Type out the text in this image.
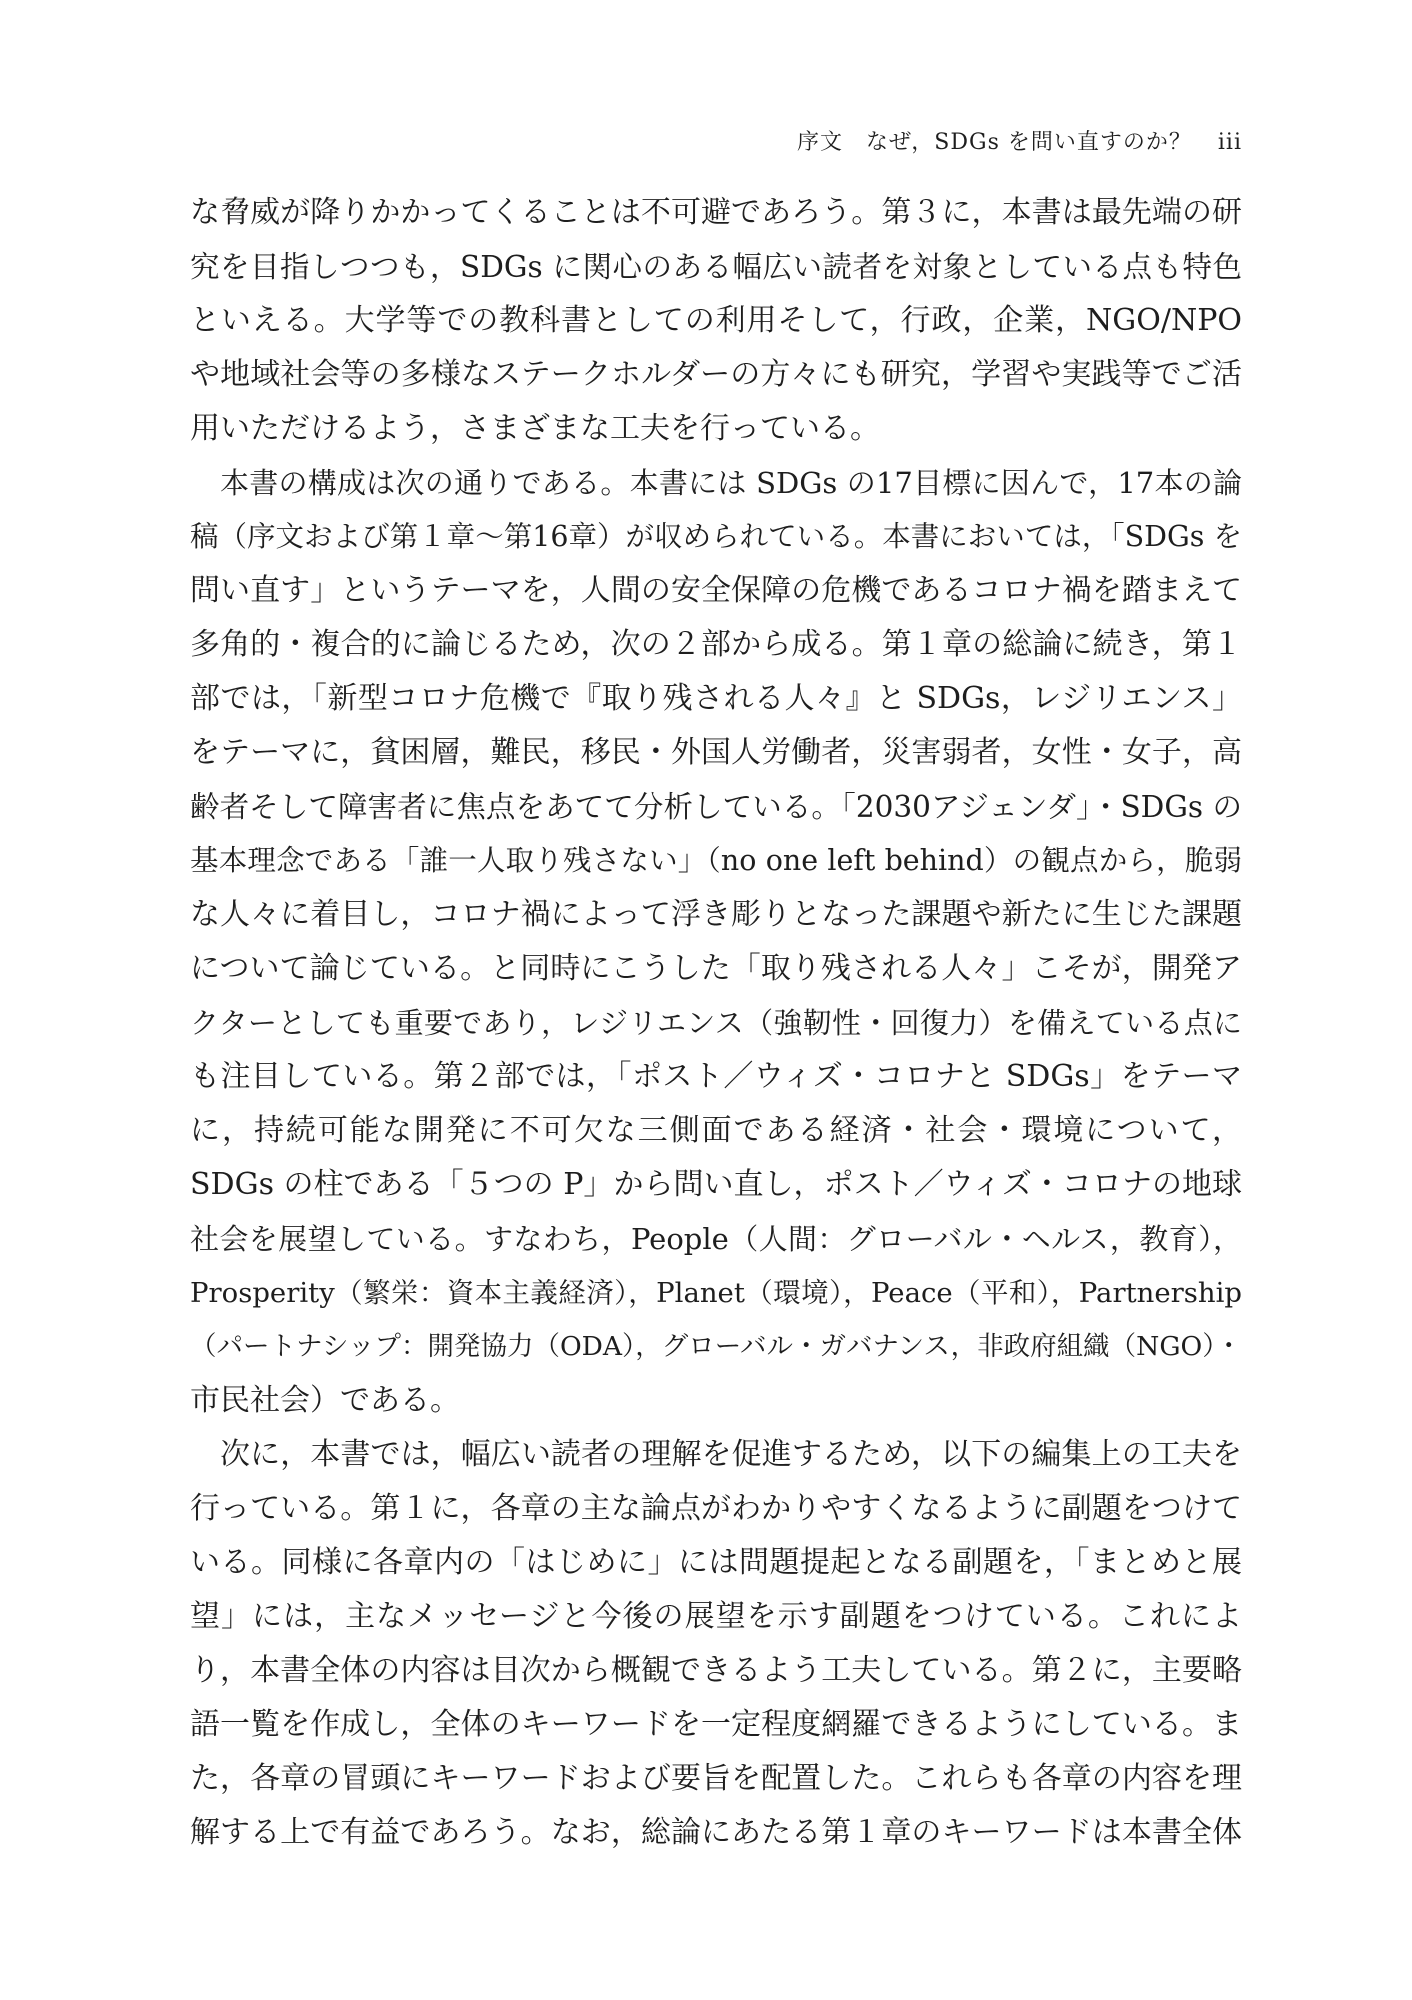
序文　なぜ，SDGs を問い直すのか？ iii
な脅威が降りかかってくることは不可避であろう。第３に，本書は最先端の研
究を目指しつつも，SDGs に関心のある幅広い読者を対象としている点も特色
といえる。大学等での教科書としての利用そして，行政，企業，NGO/NPO
や地域社会等の多様なステークホルダーの方々にも研究，学習や実践等でご活
用いただけるよう，さまざまな工夫を行っている。
本書の構成は次の通りである。本書には SDGs の17目標に因んで，17本の論
稿（序文および第１章～第16章）が収められている。本書においては，「SDGs を
問い直す」というテーマを，人間の安全保障の危機であるコロナ禍を踏まえて
多角的・複合的に論じるため，次の２部から成る。第１章の総論に続き，第１
部では，「新型コロナ危機で『取り残される人々』と SDGs，レジリエンス」
をテーマに，貧困層，難民，移民・外国人労働者，災害弱者，女性・女子，高
齢者そして障害者に焦点をあてて分析している。「2030アジェンダ」・SDGs の
基本理念である「誰一人取り残さない」（no one left behind）の観点から，脆弱
な人々に着目し，コロナ禍によって浮き彫りとなった課題や新たに生じた課題
について論じている。と同時にこうした「取り残される人々」こそが，開発ア
クターとしても重要であり，レジリエンス（強靭性・回復力）を備えている点に
も注目している。第２部では，「ポスト／ウィズ・コロナと SDGs」をテーマ
に，持続可能な開発に不可欠な三側面である経済・社会・環境について，
SDGs の柱である「５つの P」から問い直し，ポスト／ウィズ・コロナの地球
社会を展望している。すなわち，People（人間：グローバル・ヘルス，教育），
Prosperity（繁栄：資本主義経済），Planet（環境），Peace（平和），Partnership
（パートナシップ：開発協力（ODA），グローバル・ガバナンス，非政府組織（NGO）・
市民社会）である。
次に，本書では，幅広い読者の理解を促進するため，以下の編集上の工夫を
行っている。第１に，各章の主な論点がわかりやすくなるように副題をつけて
いる。同様に各章内の「はじめに」には問題提起となる副題を，「まとめと展
望」には，主なメッセージと今後の展望を示す副題をつけている。これによ
り，本書全体の内容は目次から概観できるよう工夫している。第２に，主要略
語一覧を作成し，全体のキーワードを一定程度網羅できるようにしている。ま
た，各章の冒頭にキーワードおよび要旨を配置した。これらも各章の内容を理
解する上で有益であろう。なお，総論にあたる第１章のキーワードは本書全体
